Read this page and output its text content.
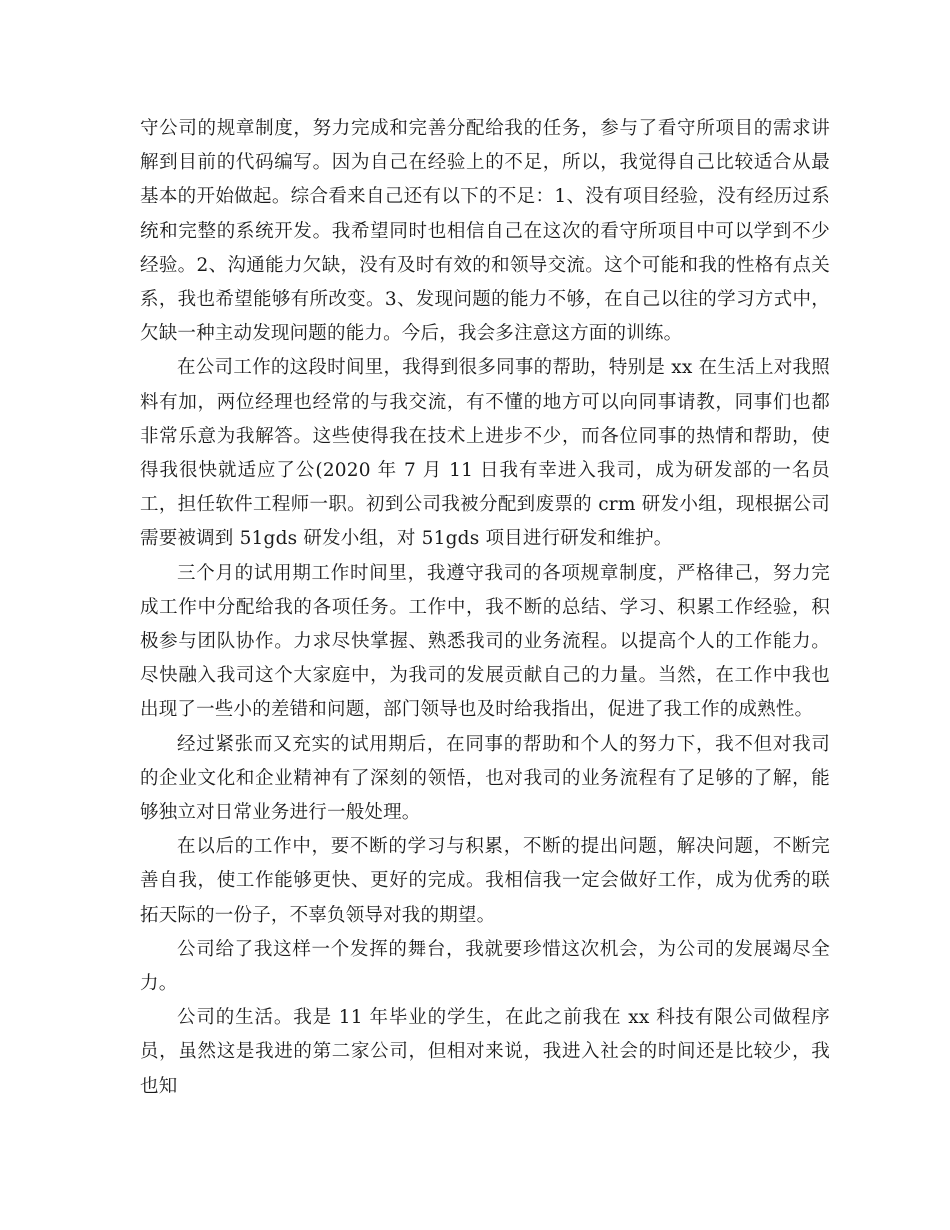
守公司的规章制度，努力完成和完善分配给我的任务，参与了看守所项目的需求讲解到目前的代码编写。因为自己在经验上的不足，所以，我觉得自己比较适合从最基本的开始做起。综合看来自己还有以下的不足：1、没有项目经验，没有经历过系统和完整的系统开发。我希望同时也相信自己在这次的看守所项目中可以学到不少经验。2、沟通能力欠缺，没有及时有效的和领导交流。这个可能和我的性格有点关系，我也希望能够有所改变。3、发现问题的能力不够，在自己以往的学习方式中，欠缺一种主动发现问题的能力。今后，我会多注意这方面的训练。

在公司工作的这段时间里，我得到很多同事的帮助，特别是 xx 在生活上对我照料有加，两位经理也经常的与我交流，有不懂的地方可以向同事请教，同事们也都非常乐意为我解答。这些使得我在技术上进步不少，而各位同事的热情和帮助，使得我很快就适应了公(2020 年 7 月 11 日我有幸进入我司，成为研发部的一名员工，担任软件工程师一职。初到公司我被分配到废票的 crm 研发小组，现根据公司需要被调到 51gds 研发小组，对 51gds 项目进行研发和维护。

三个月的试用期工作时间里，我遵守我司的各项规章制度，严格律己，努力完成工作中分配给我的各项任务。工作中，我不断的总结、学习、积累工作经验，积极参与团队协作。力求尽快掌握、熟悉我司的业务流程。以提高个人的工作能力。尽快融入我司这个大家庭中，为我司的发展贡献自己的力量。当然，在工作中我也出现了一些小的差错和问题，部门领导也及时给我指出，促进了我工作的成熟性。

经过紧张而又充实的试用期后，在同事的帮助和个人的努力下，我不但对我司的企业文化和企业精神有了深刻的领悟，也对我司的业务流程有了足够的了解，能够独立对日常业务进行一般处理。

在以后的工作中，要不断的学习与积累，不断的提出问题，解决问题，不断完善自我，使工作能够更快、更好的完成。我相信我一定会做好工作，成为优秀的联拓天际的一份子，不辜负领导对我的期望。

公司给了我这样一个发挥的舞台，我就要珍惜这次机会，为公司的发展竭尽全力。

公司的生活。我是 11 年毕业的学生，在此之前我在 xx 科技有限公司做程序员，虽然这是我进的第二家公司，但相对来说，我进入社会的时间还是比较少，我也知
